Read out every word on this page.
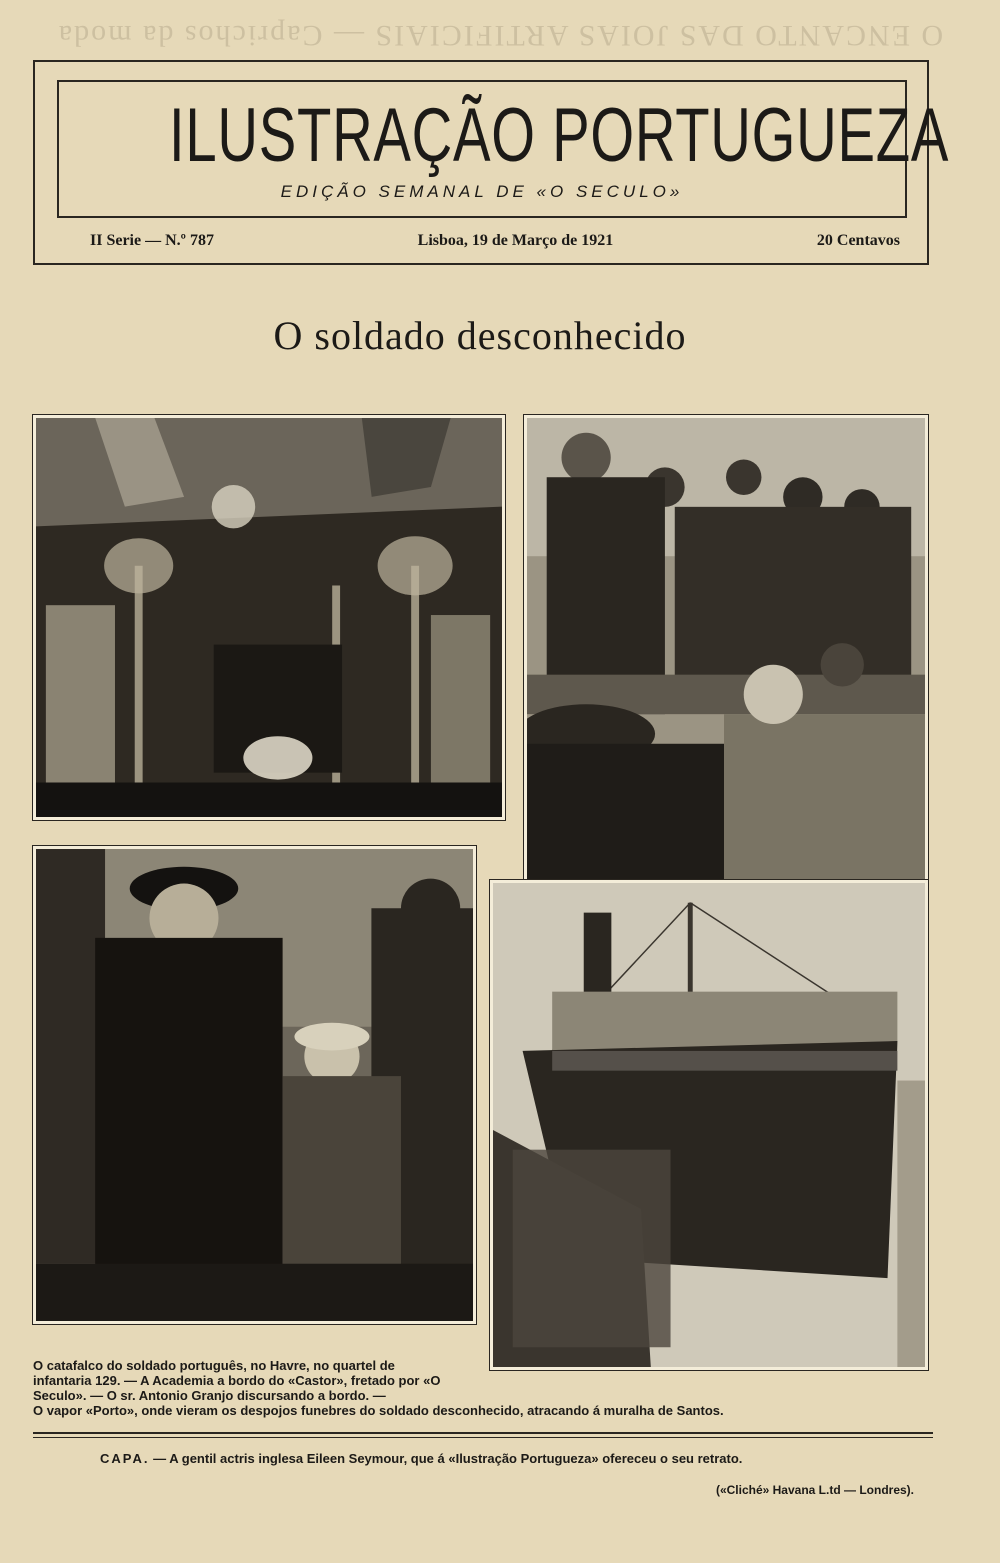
O ENCANTO DAS JOIAS ARTIFICIAIS — Caprichos da moda
ILUSTRAÇÃO PORTUGUEZA
EDIÇÃO SEMANAL DE «O SECULO»
II Serie — N.º 787	Lisboa, 19 de Março de 1921	20 Centavos
O soldado desconhecido
O catafalco do soldado português, no Havre, no quartel de infantaria 129. — A Academia a bordo do «Castor», fretado por «O Seculo». — O sr. Antonio Granjo discursando a bordo. —
O vapor «Porto», onde vieram os despojos funebres do soldado desconhecido, atracando á muralha de Santos.
CAPA. — A gentil actris inglesa Eileen Seymour, que á «Ilustração Portugueza» ofereceu o seu retrato.
(«Cliché» Havana L.td — Londres).
